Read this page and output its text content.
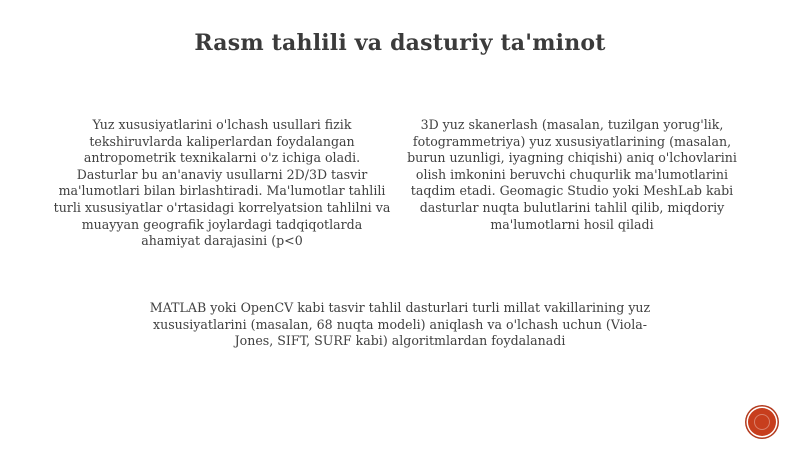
Rasm tahlili va dasturiy ta'minot
Yuz xususiyatlarini o'lchash usullari fizik tekshiruvlarda kaliperlardan foydalangan antropometrik texnikalarni o'z ichiga oladi. Dasturlar bu an'anaviy usullarni 2D/3D tasvir ma'lumotlari bilan birlashtiradi. Ma'lumotlar tahlili turli xususiyatlar o'rtasidagi korrelyatsion tahlilni va muayyan geografik joylardagi tadqiqotlarda ahamiyat darajasini (p<0
3D yuz skanerlash (masalan, tuzilgan yorug'lik, fotogrammetriya) yuz xususiyatlarining (masalan, burun uzunligi, iyagning chiqishi) aniq o'lchovlarini olish imkonini beruvchi chuqurlik ma'lumotlarini taqdim etadi. Geomagic Studio yoki MeshLab kabi dasturlar nuqta bulutlarini tahlil qilib, miqdoriy ma'lumotlarni hosil qiladi
MATLAB yoki OpenCV kabi tasvir tahlil dasturlari turli millat vakillarining yuz xususiyatlarini (masalan, 68 nuqta modeli) aniqlash va o'lchash uchun (Viola-Jones, SIFT, SURF kabi) algoritmlardan foydalanadi
